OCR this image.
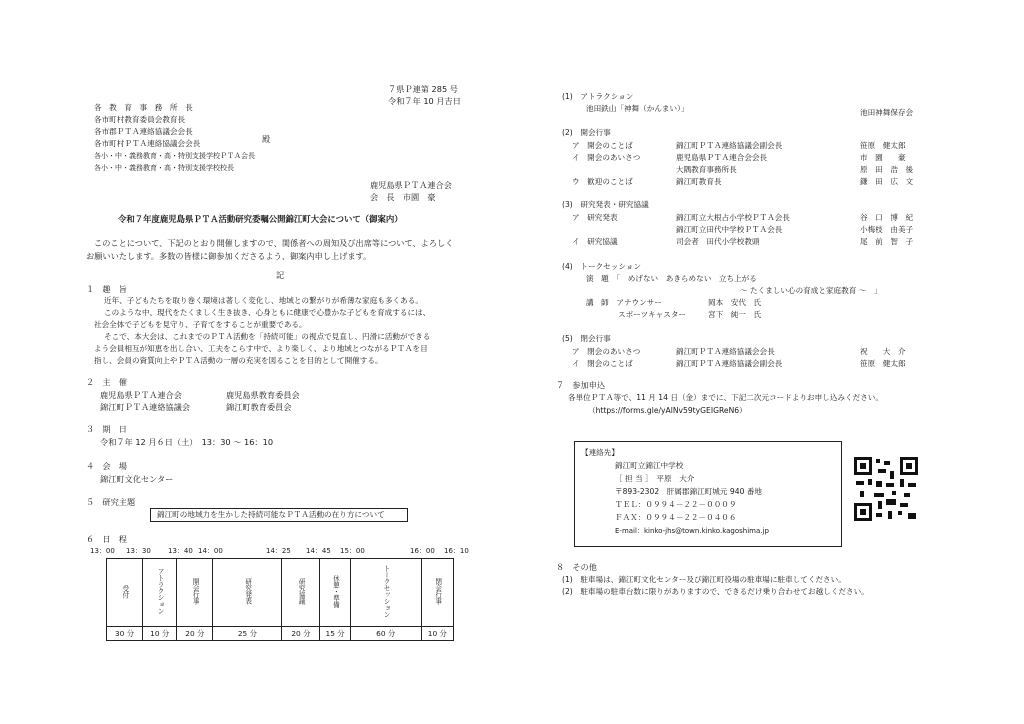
７県Ｐ連第 285 号
令和７年 10 月吉日
各　教　育　事　務　所　長
各市町村教育委員会教育長
各市郡ＰＴＡ連絡協議会会長
各市町村ＰＴＡ連絡協議会会長
各小・中・義務教育・高・特別支援学校ＰＴＡ会長
各小・中・義務教育・高・特別支援学校校長
殿
鹿児島県ＰＴＡ連合会
会　長　市園　豪
令和７年度鹿児島県ＰＴＡ活動研究委嘱公開錦江町大会について（御案内）
このことについて、下記のとおり開催しますので、関係者への周知及び出席等について、よろしく
お願いいたします。多数の皆様に御参加くださるよう、御案内申し上げます。
記
１　趣　旨
近年、子どもたちを取り巻く環境は著しく変化し、地域との繋がりが希薄な家庭も多くある。
このような中、現代をたくましく生き抜き、心身ともに健康で心豊かな子どもを育成するには、
社会全体で子どもを見守り、子育てをすることが重要である。
そこで、本大会は、これまでのＰＴＡ活動を「持続可能」の視点で見直し、円滑に活動ができる
よう会員相互が知恵を出し合い、工夫をこらす中で、より楽しく、より地域とつながるＰＴＡを目
指し、会員の資質向上やＰＴＡ活動の一層の充実を図ることを目的として開催する。
２　主　催
鹿児島県ＰＴＡ連合会	鹿児島県教育委員会
錦江町ＰＴＡ連絡協議会	錦江町教育委員会
３　期　日
令和７年 12 月６日（土）　13：30 ～ 16：10
４　会　場
錦江町文化センター
５　研究主題
錦江町の地域力を生かした持続可能なＰＴＡ活動の在り方について
６　日　程
13：00 13：30 13：40 14：00	14：25 14：45 15：00	16：00 16：10
受付	アトラクション	開会行事	研究発表	研究協議	休憩・準備	トークセッション	閉会行事
30 分	10 分	20 分	25 分	20 分	15 分	60 分	10 分
(1)　アトラクション
池田鉄山「神舞（かんまい）」	池田神舞保存会
(2)　開会行事
ア　開会のことば	錦江町ＰＴＡ連絡協議会副会長	笹原　健太郎
イ　開会のあいさつ	鹿児島県ＰＴＡ連合会会長	市　園　　豪
大隅教育事務所長	原　田　浩　後
ウ　歓迎のことば	錦江町教育長	鎌　田　広　文
(3)　研究発表・研究協議
ア　研究発表	錦江町立大根占小学校ＰＴＡ会長	谷　口　博　紀
錦江町立田代中学校ＰＴＡ会長	小梅枝　由美子
イ　研究協議	司会者　田代小学校教頭	尾　前　智　子
(4)　トークセッション
演　題　「　めげない　あきらめない　立ち上がる
～ たくましい心の育成と家庭教育 ～　」
講　師　アナウンサー	岡本　安代　氏
スポーツキャスター	宮下　純一　氏
(5)　閉会行事
ア　閉会のあいさつ	錦江町ＰＴＡ連絡協議会会長	祝　　大　介
イ　閉会のことば	錦江町ＰＴＡ連絡協議会副会長	笹原　健太郎
７　参加申込
各単位ＰＴＡ等で、11 月 14 日（金）までに、下記二次元コードよりお申し込みください。
（https://forms.gle/yAlNv59tyGEIGReN6）
【連絡先】
錦江町立錦江中学校
［ 担 当 ］　平原　大介
〒893-2302　肝属郡錦江町城元 940 番地
ＴＥＬ：０９９４－２２－０００９
ＦＡＸ：０９９４－２２－０４０６
E-mail：kinko-jhs@town.kinko.kagoshima.jp
８　その他
(1)　駐車場は、錦江町文化センター及び錦江町役場の駐車場に駐車してください。
(2)　駐車場の駐車台数に限りがありますので、できるだけ乗り合わせてお越しください。
